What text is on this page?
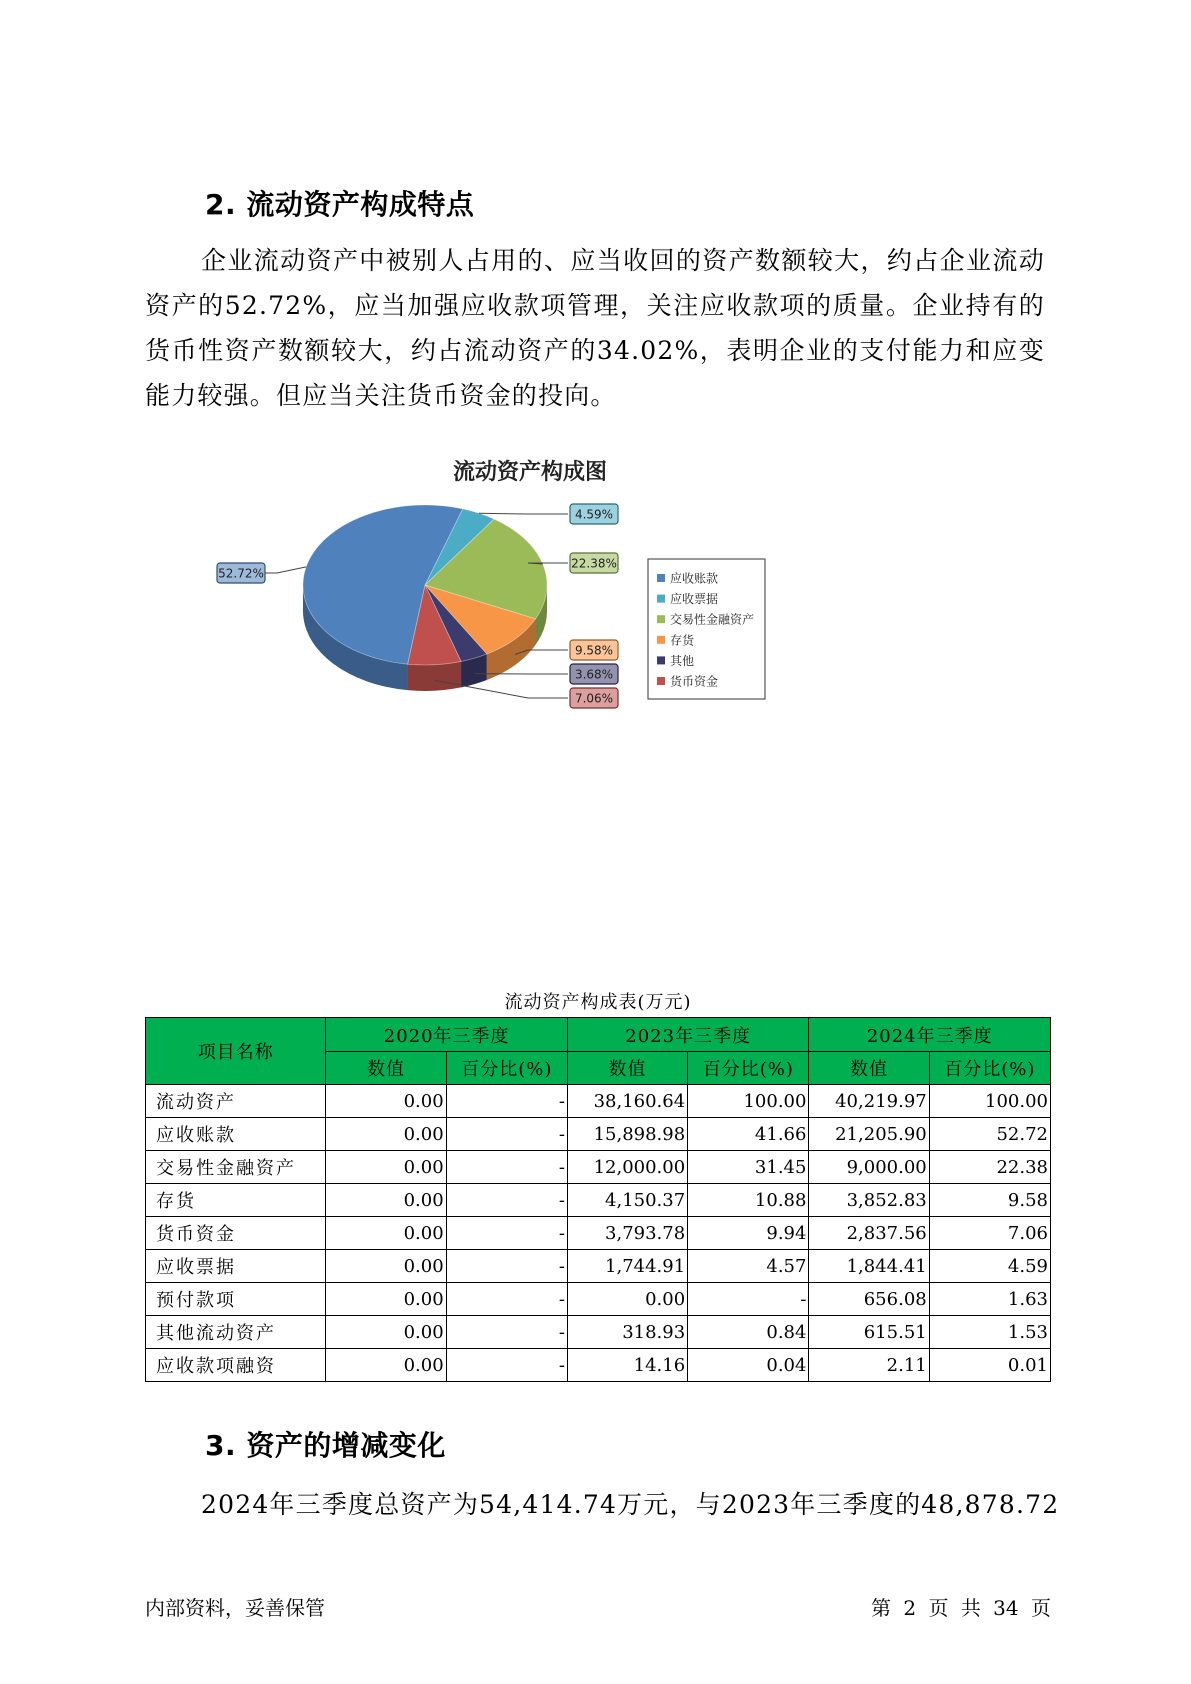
2. 流动资产构成特点
企业流动资产中被别人占用的、应当收回的资产数额较大，约占企业流动资产的52.72%，应当加强应收款项管理，关注应收款项的质量。企业持有的货币性资产数额较大，约占流动资产的34.02%，表明企业的支付能力和应变能力较强。但应当关注货币资金的投向。
流动资产构成图
4.59%
22.38%
9.58%
3.68%
7.06%
52.72%	应收账款
应收票据
交易性金融资产
存货
其他
货币资金
流动资产构成表(万元)
项目名称	2020年三季度		2023年三季度		2024年三季度	
	数值	百分比(%)	数值	百分比(%)	数值	百分比(%)
流动资产	0.00	-	38,160.64	100.00	40,219.97	100.00
应收账款	0.00	-	15,898.98	41.66	21,205.90	52.72
交易性金融资产	0.00	-	12,000.00	31.45	9,000.00	22.38
存货	0.00	-	4,150.37	10.88	3,852.83	9.58
货币资金	0.00	-	3,793.78	9.94	2,837.56	7.06
应收票据	0.00	-	1,744.91	4.57	1,844.41	4.59
预付款项	0.00	-	0.00	-	656.08	1.63
其他流动资产	0.00	-	318.93	0.84	615.51	1.53
应收款项融资	0.00	-	14.16	0.04	2.11	0.01
3. 资产的增减变化
2024年三季度总资产为54,414.74万元，与2023年三季度的48,878.72
内部资料，妥善保管	第 2 页 共 34 页
